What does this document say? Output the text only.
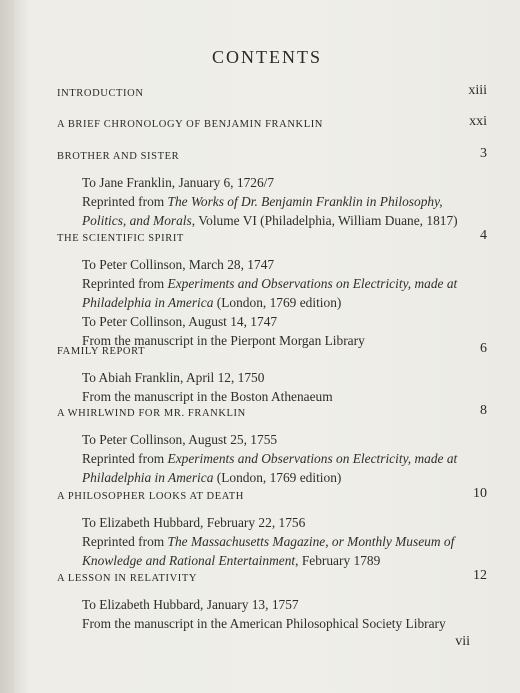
CONTENTS
INTRODUCTION	xiii
A BRIEF CHRONOLOGY OF BENJAMIN FRANKLIN	xxi
BROTHER AND SISTER	3
To Jane Franklin, January 6, 1726/7
Reprinted from The Works of Dr. Benjamin Franklin in Philosophy,
Politics, and Morals, Volume VI (Philadelphia, William Duane, 1817)
THE SCIENTIFIC SPIRIT	4
To Peter Collinson, March 28, 1747
Reprinted from Experiments and Observations on Electricity, made at
Philadelphia in America (London, 1769 edition)
To Peter Collinson, August 14, 1747
From the manuscript in the Pierpont Morgan Library
FAMILY REPORT	6
To Abiah Franklin, April 12, 1750
From the manuscript in the Boston Athenaeum
A WHIRLWIND FOR MR. FRANKLIN	8
To Peter Collinson, August 25, 1755
Reprinted from Experiments and Observations on Electricity, made at
Philadelphia in America (London, 1769 edition)
A PHILOSOPHER LOOKS AT DEATH	10
To Elizabeth Hubbard, February 22, 1756
Reprinted from The Massachusetts Magazine, or Monthly Museum of
Knowledge and Rational Entertainment, February 1789
A LESSON IN RELATIVITY	12
To Elizabeth Hubbard, January 13, 1757
From the manuscript in the American Philosophical Society Library
vii
